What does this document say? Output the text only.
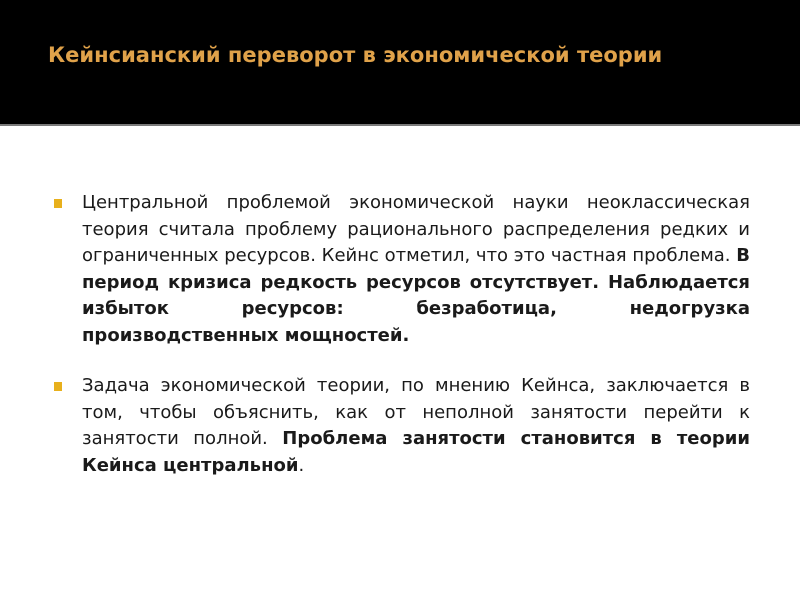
Кейнсианский переворот в экономической теории
Центральной проблемой экономической науки неоклассическая теория считала проблему рационального распределения редких и ограниченных ресурсов. Кейнс отметил, что это частная проблема. В период кризиса редкость ресурсов отсутствует. Наблюдается избыток ресурсов: безработица, недогрузка производственных мощностей.
Задача экономической теории, по мнению Кейнса, заключается в том, чтобы объяснить, как от неполной занятости перейти к занятости полной. Проблема занятости становится в теории Кейнса центральной.
